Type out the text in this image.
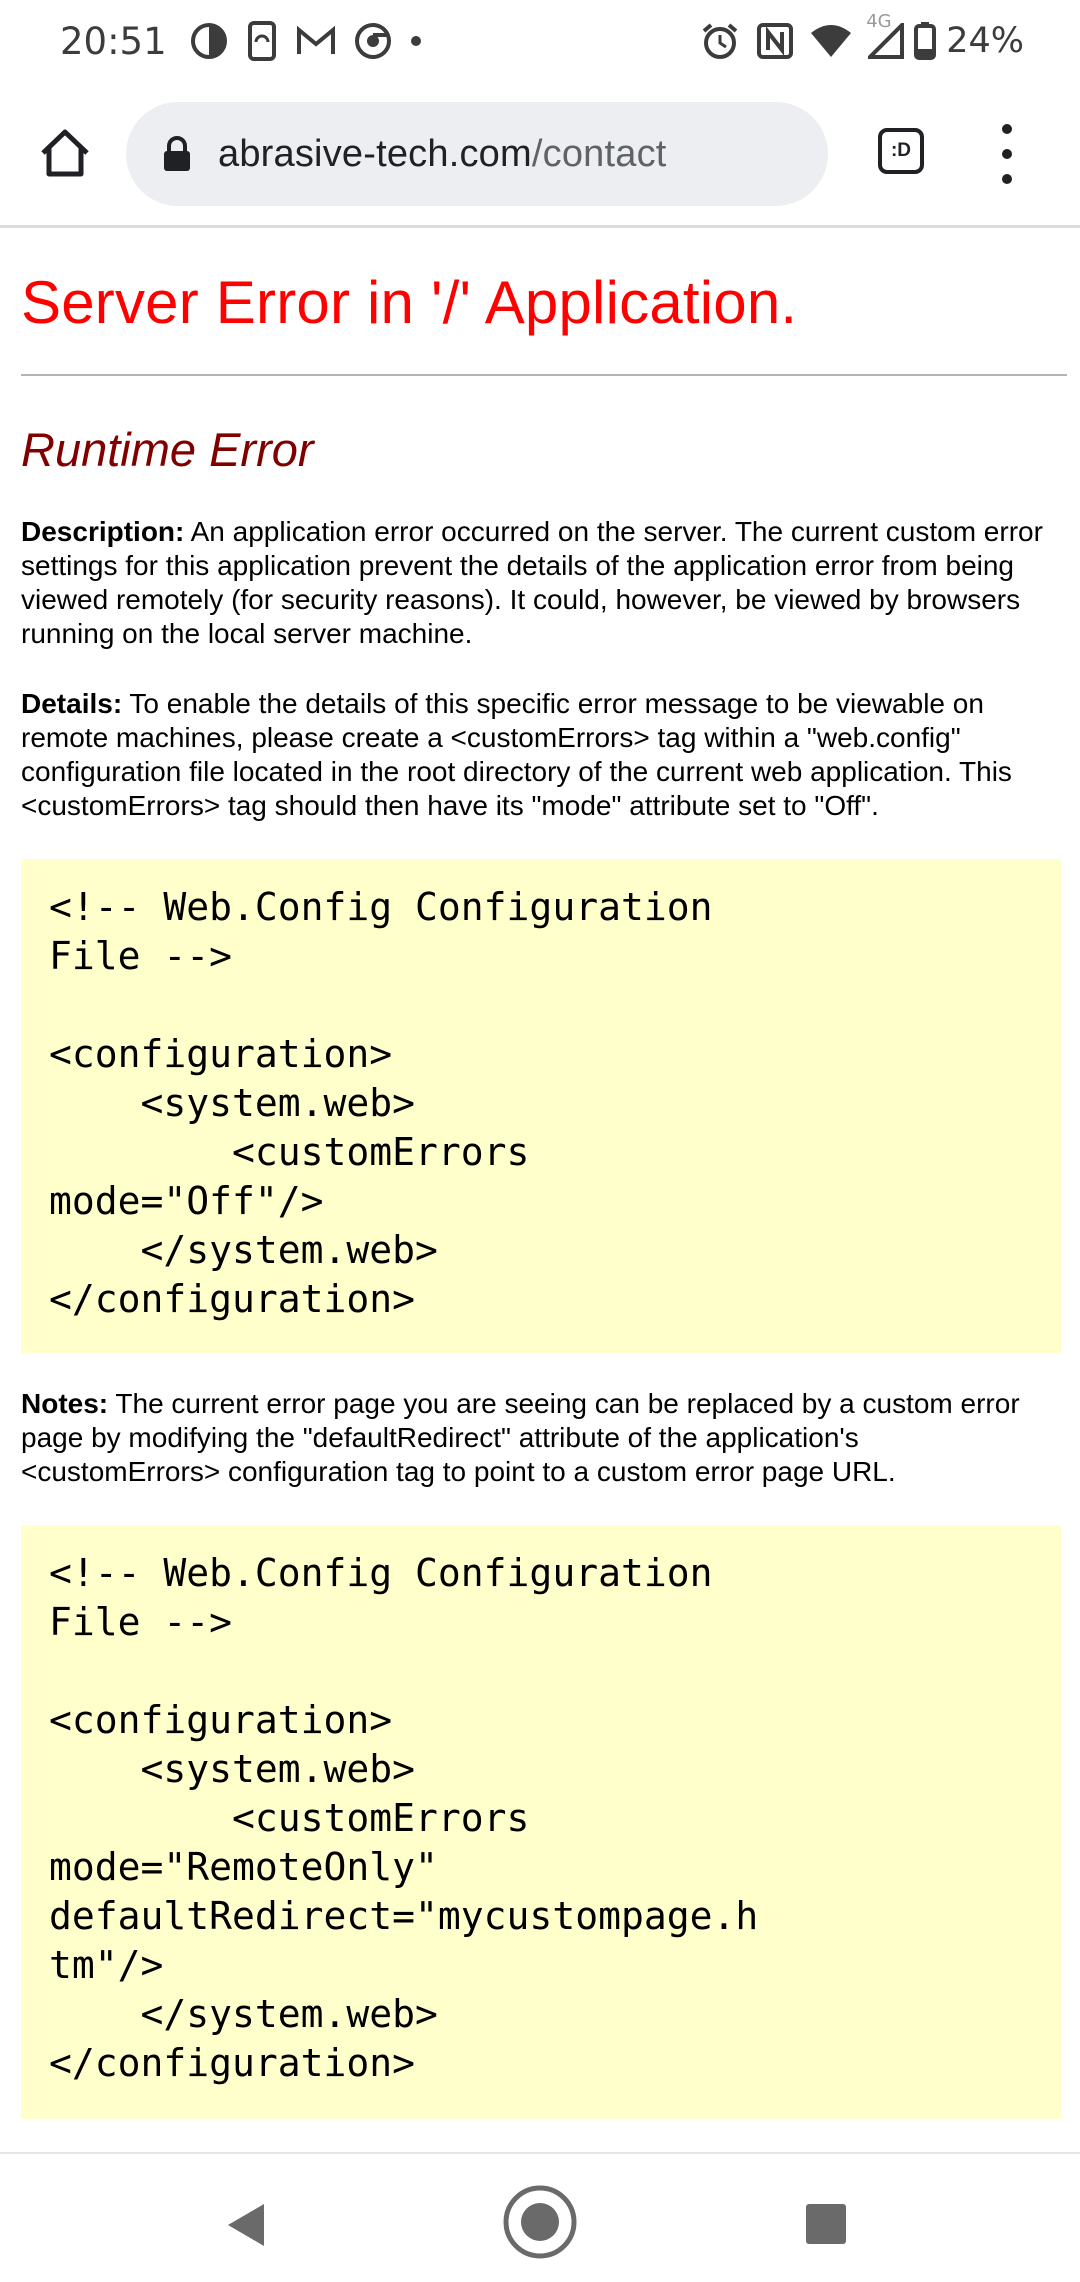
20:51	4G 24%
abrasive-tech.com/contact	:D
Server Error in '/' Application.
Runtime Error

Description: An application error occurred on the server. The current custom error settings for this application prevent the details of the application error from being viewed remotely (for security reasons). It could, however, be viewed by browsers running on the local server machine.

Details: To enable the details of this specific error message to be viewable on remote machines, please create a <customErrors> tag within a "web.config" configuration file located in the root directory of the current web application. This <customErrors> tag should then have its "mode" attribute set to "Off".

<!-- Web.Config Configuration
File -->

<configuration>
<system.web>
<customErrors
mode="Off"/>
</system.web>
</configuration>

Notes: The current error page you are seeing can be replaced by a custom error page by modifying the "defaultRedirect" attribute of the application's <customErrors> configuration tag to point to a custom error page URL.

<!-- Web.Config Configuration
File -->

<configuration>
<system.web>
<customErrors
mode="RemoteOnly"
defaultRedirect="mycustompage.h
tm"/>
</system.web>
</configuration>
